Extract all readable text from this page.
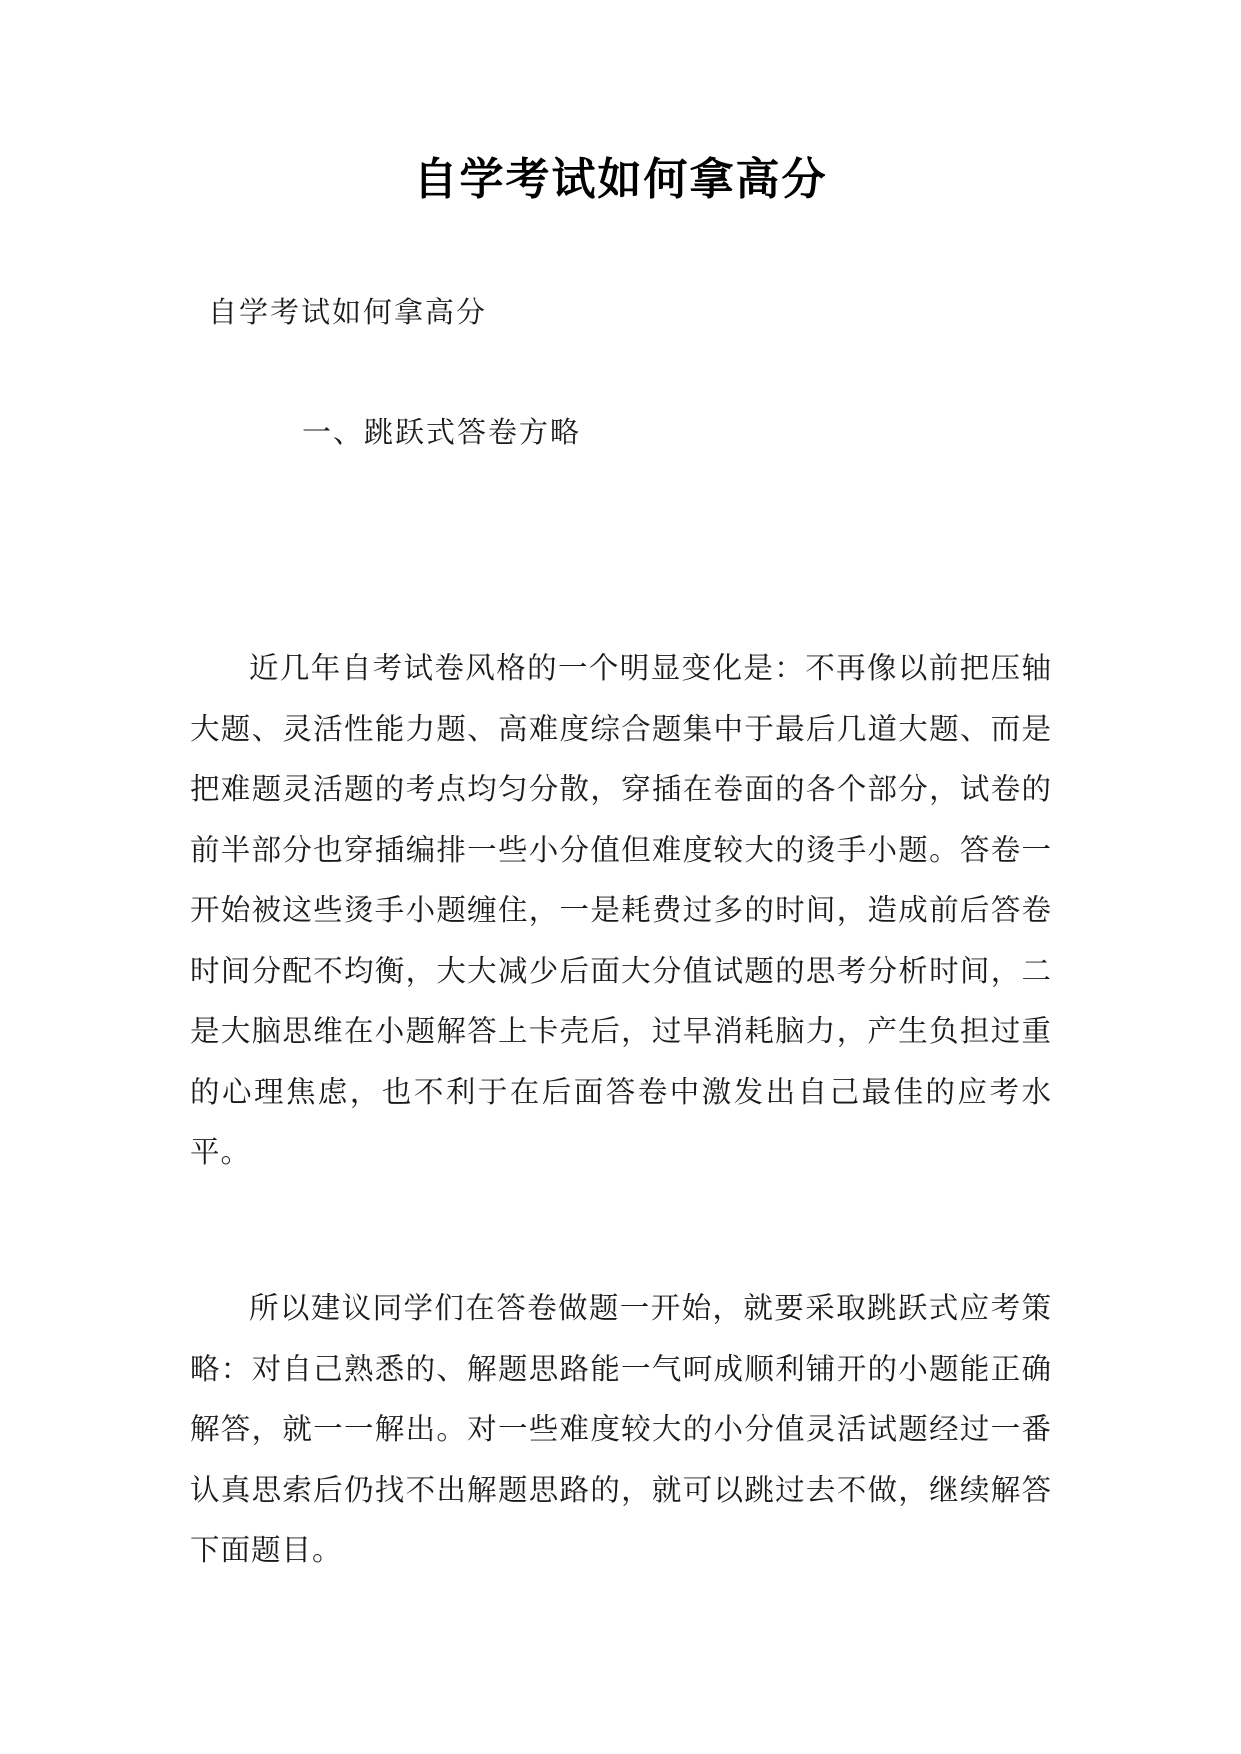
自学考试如何拿高分
自学考试如何拿高分
一、跳跃式答卷方略

近几年自考试卷风格的一个明显变化是：不再像以前把压轴大题、灵活性能力题、高难度综合题集中于最后几道大题、而是把难题灵活题的考点均匀分散，穿插在卷面的各个部分，试卷的前半部分也穿插编排一些小分值但难度较大的烫手小题。答卷一开始被这些烫手小题缠住，一是耗费过多的时间，造成前后答卷时间分配不均衡，大大减少后面大分值试题的思考分析时间，二是大脑思维在小题解答上卡壳后，过早消耗脑力，产生负担过重的心理焦虑，也不利于在后面答卷中激发出自己最佳的应考水平。

所以建议同学们在答卷做题一开始，就要采取跳跃式应考策略：对自己熟悉的、解题思路能一气呵成顺利铺开的小题能正确解答，就一一解出。对一些难度较大的小分值灵活试题经过一番认真思索后仍找不出解题思路的，就可以跳过去不做，继续解答下面题目。
